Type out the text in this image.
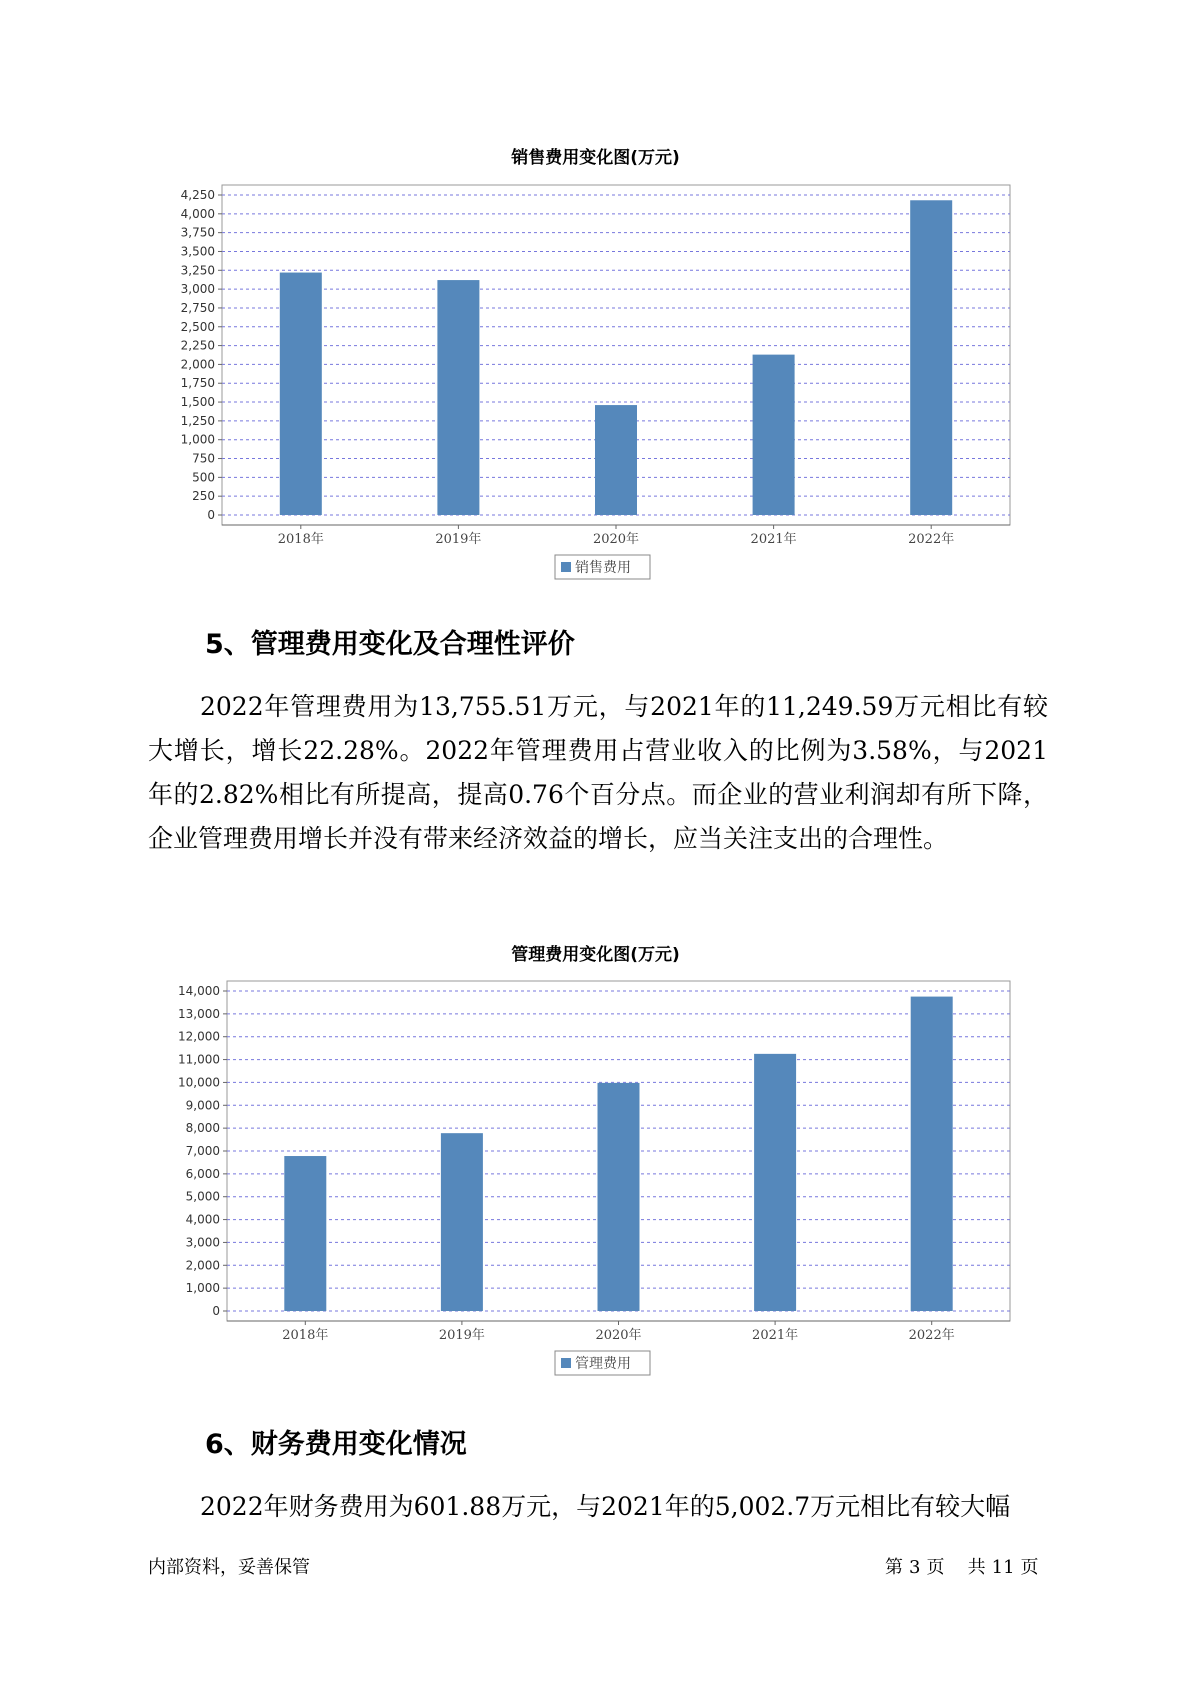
销售费用变化图(万元)
0
250
500
750
1,000
1,250
1,500
1,750
2,000
2,250
2,500
2,750
3,000
3,250
3,500
3,750
4,000
4,250
2018年	2019年	2020年	2021年	2022年
销售费用
5、管理费用变化及合理性评价

2022年管理费用为13,755.51万元，与2021年的11,249.59万元相比有较大增长，增长22.28%。2022年管理费用占营业收入的比例为3.58%，与2021年的2.82%相比有所提高，提高0.76个百分点。而企业的营业利润却有所下降，企业管理费用增长并没有带来经济效益的增长，应当关注支出的合理性。

管理费用变化图(万元)
0
1,000
2,000
3,000
4,000
5,000
6,000
7,000
8,000
9,000
10,000
11,000
12,000
13,000
14,000
2018年	2019年	2020年	2021年	2022年
管理费用
6、财务费用变化情况

2022年财务费用为601.88万元，与2021年的5,002.7万元相比有较大幅

内部资料，妥善保管	第 3 页 共 11 页
